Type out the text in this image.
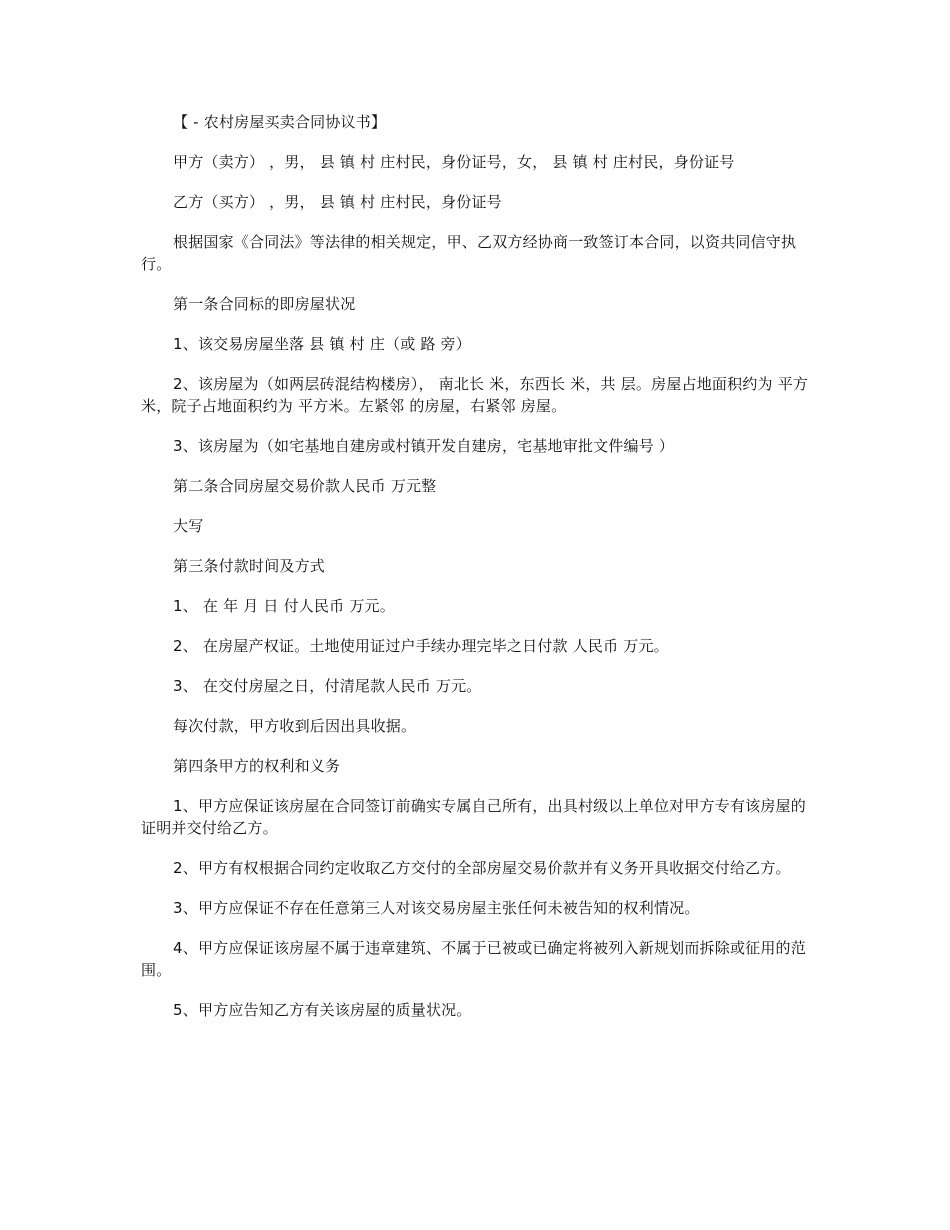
【 - 农村房屋买卖合同协议书】

甲方（卖方） ，男， 县 镇 村 庄村民，身份证号，女， 县 镇 村 庄村民，身份证号

乙方（买方） ，男， 县 镇 村 庄村民，身份证号

根据国家《合同法》等法律的相关规定，甲、乙双方经协商一致签订本合同，以资共同信守执行。

第一条合同标的即房屋状况

1、该交易房屋坐落 县 镇 村 庄（或 路 旁）

2、该房屋为（如两层砖混结构楼房）， 南北长 米，东西长 米，共 层。房屋占地面积约为 平方米，院子占地面积约为 平方米。左紧邻 的房屋，右紧邻 房屋。

3、该房屋为（如宅基地自建房或村镇开发自建房，宅基地审批文件编号 ）

第二条合同房屋交易价款人民币 万元整

大写

第三条付款时间及方式

1、 在 年 月 日 付人民币 万元。

2、 在房屋产权证。土地使用证过户手续办理完毕之日付款 人民币 万元。

3、 在交付房屋之日，付清尾款人民币 万元。

每次付款，甲方收到后因出具收据。

第四条甲方的权利和义务

1、甲方应保证该房屋在合同签订前确实专属自己所有，出具村级以上单位对甲方专有该房屋的证明并交付给乙方。

2、甲方有权根据合同约定收取乙方交付的全部房屋交易价款并有义务开具收据交付给乙方。

3、甲方应保证不存在任意第三人对该交易房屋主张任何未被告知的权利情况。

4、甲方应保证该房屋不属于违章建筑、不属于已被或已确定将被列入新规划而拆除或征用的范围。

5、甲方应告知乙方有关该房屋的质量状况。
